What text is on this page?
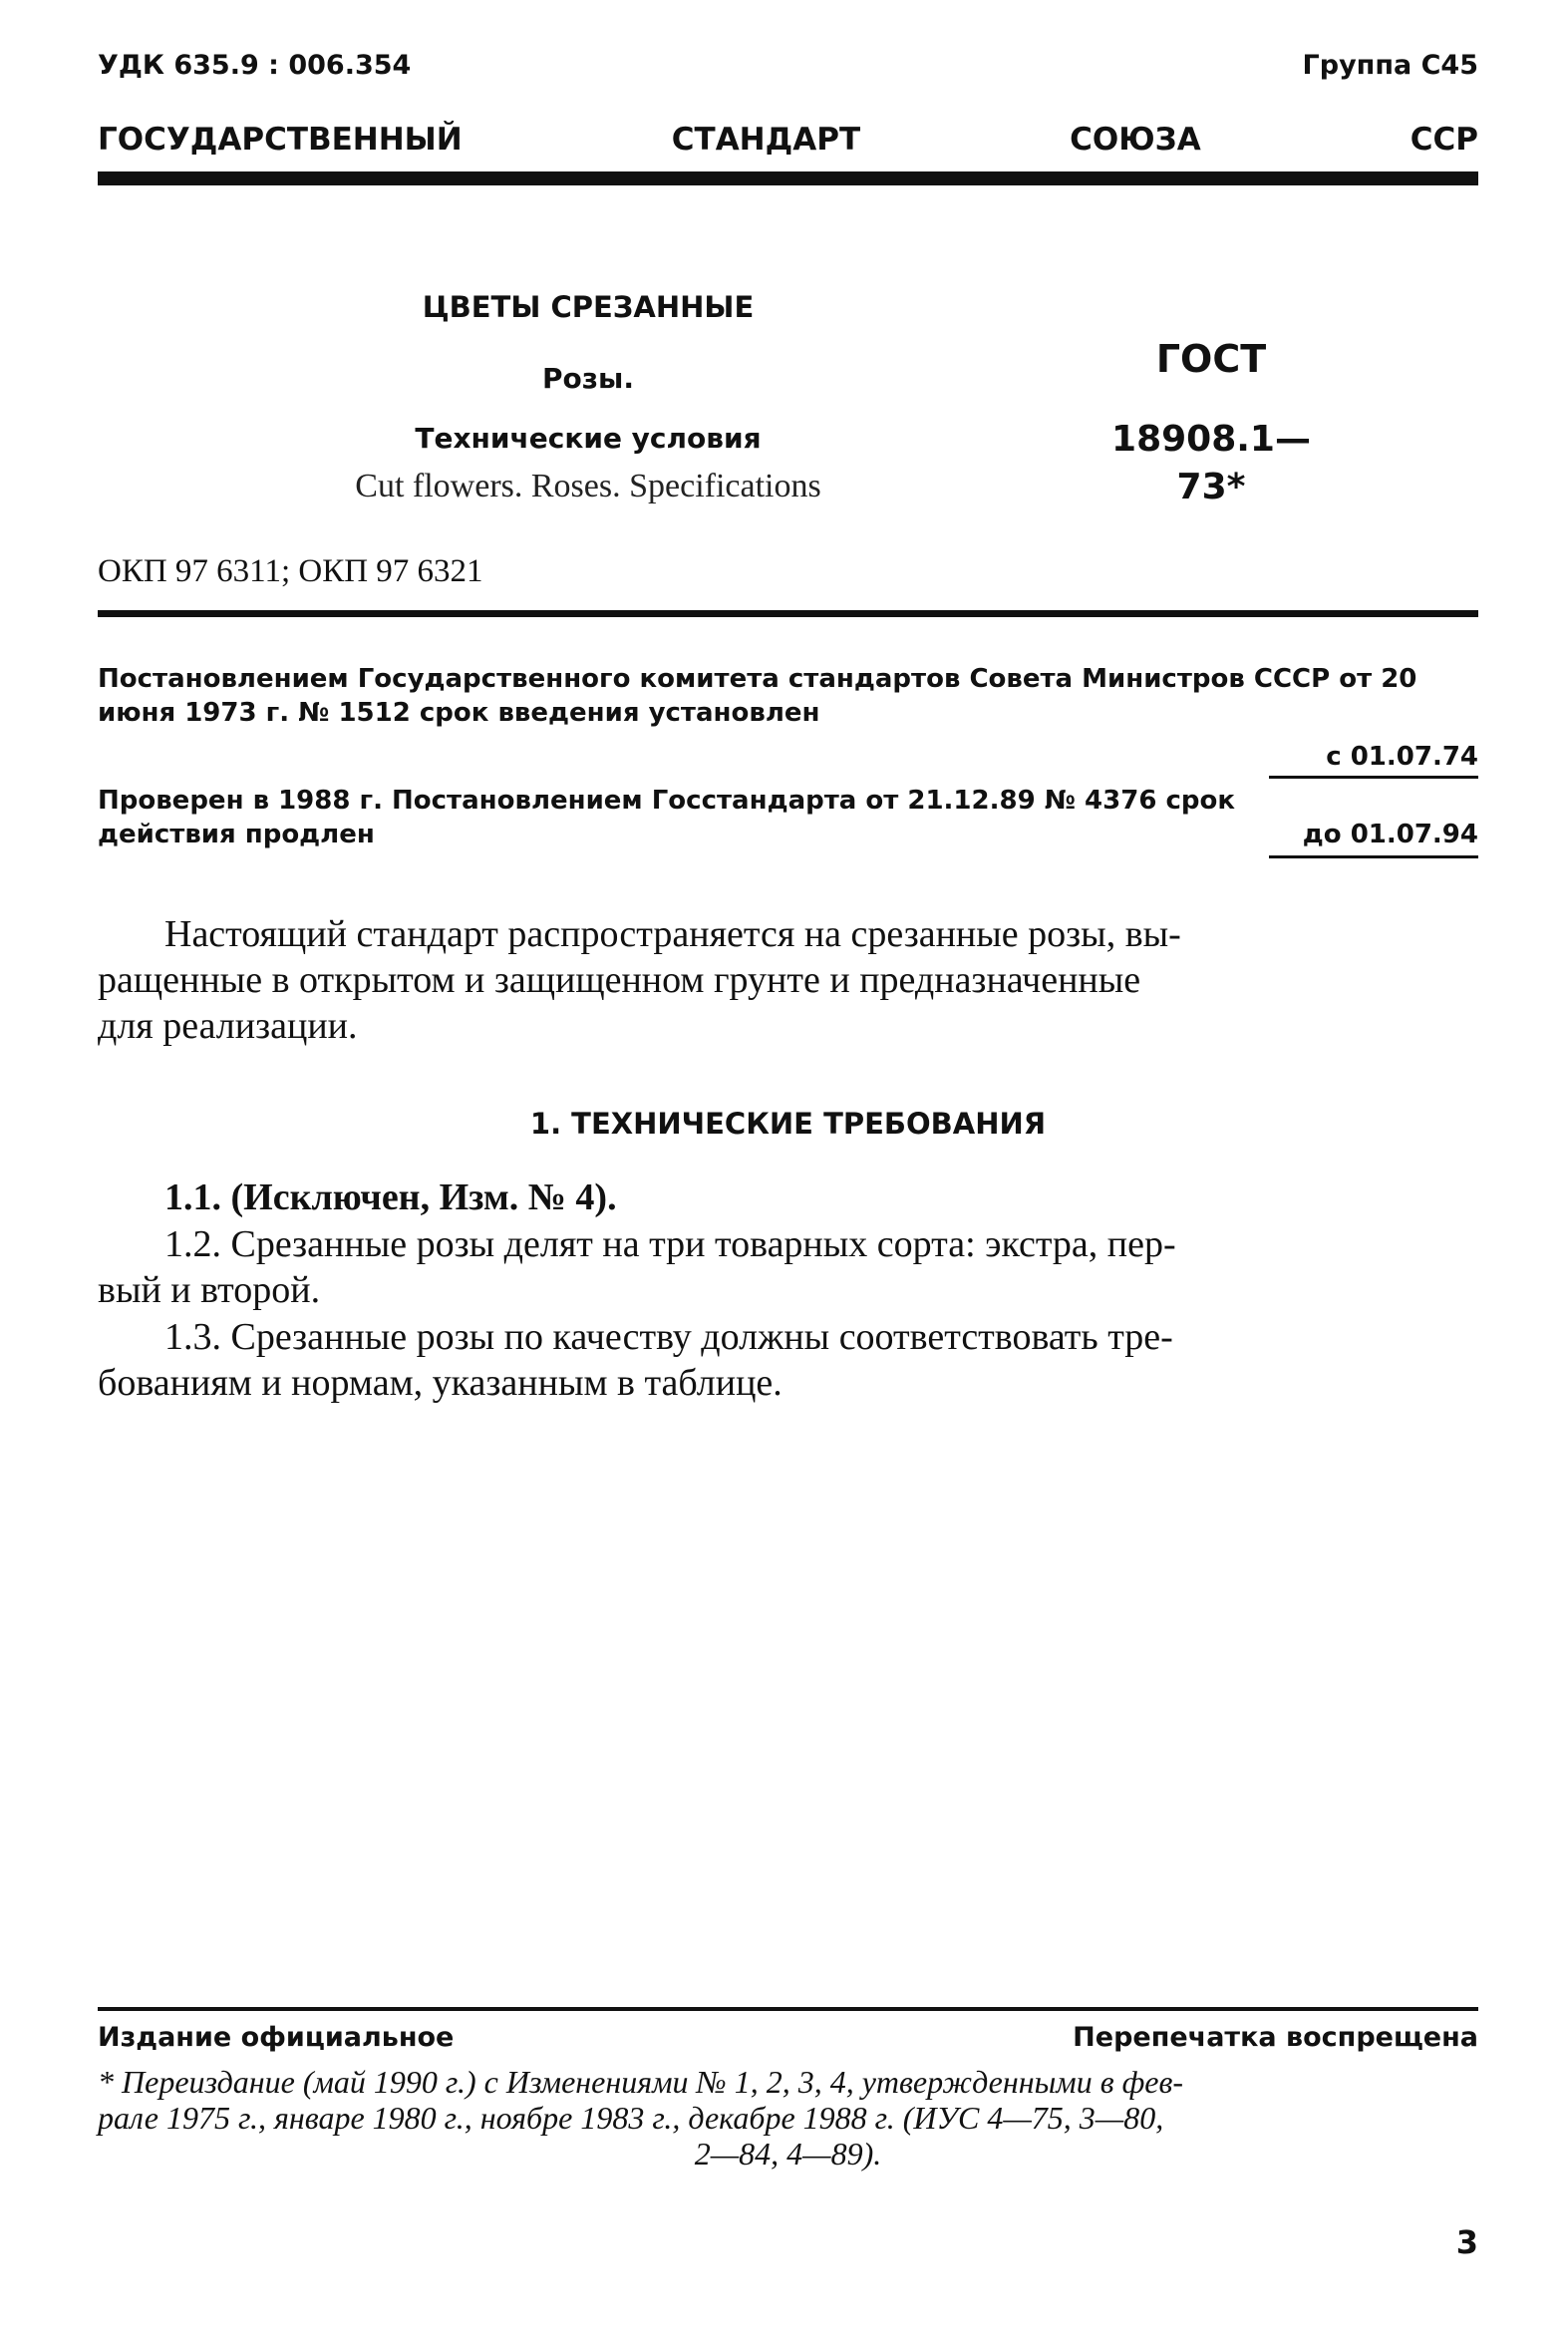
УДК 635.9 : 006.354	Группа С45
ГОСУДАРСТВЕННЫЙ	СТАНДАРТ	СОЮЗА	ССР
ЦВЕТЫ СРЕЗАННЫЕ
Розы.
Технические условия
Cut flowers. Roses. Specifications
ГОСТ
18908.1—73*
ОКП 97 6311; ОКП 97 6321
Постановлением Государственного комитета стандартов Совета Министров СССР от 20 июня 1973 г. № 1512 срок введения установлен
с 01.07.74
Проверен в 1988 г. Постановлением Госстандарта от 21.12.89 № 4376 срок действия продлен	до 01.07.94
Настоящий стандарт распространяется на срезанные розы, вы-
ращенные в открытом и защищенном грунте и предназначенные
для реализации.
1. ТЕХНИЧЕСКИЕ ТРЕБОВАНИЯ
1.1. (Исключен, Изм. № 4).
1.2. Срезанные розы делят на три товарных сорта: экстра, пер-
вый и второй.
1.3. Срезанные розы по качеству должны соответствовать тре-
бованиям и нормам, указанным в таблице.
Издание официальное	Перепечатка воспрещена
* Переиздание (май 1990 г.) с Изменениями № 1, 2, 3, 4, утвержденными в фев-
рале 1975 г., январе 1980 г., ноябре 1983 г., декабре 1988 г. (ИУС 4—75, 3—80,
2—84, 4—89).
3
